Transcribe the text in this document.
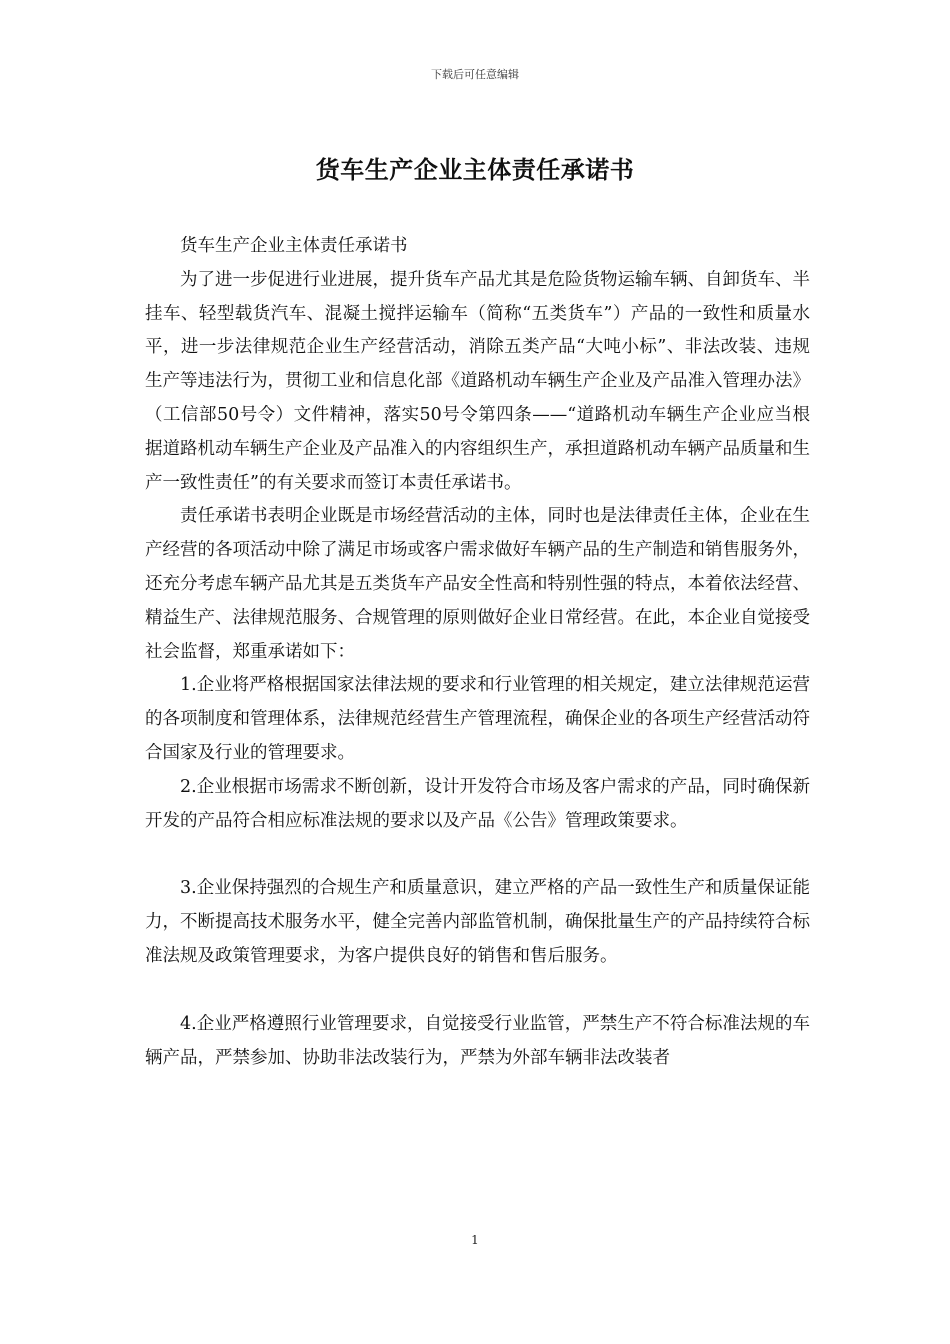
下载后可任意编辑
货车生产企业主体责任承诺书

货车生产企业主体责任承诺书

为了进一步促进行业进展，提升货车产品尤其是危险货物运输车辆、自卸货车、半挂车、轻型载货汽车、混凝土搅拌运输车（简称“五类货车”）产品的一致性和质量水平，进一步法律规范企业生产经营活动，消除五类产品“大吨小标”、非法改装、违规生产等违法行为，贯彻工业和信息化部《道路机动车辆生产企业及产品准入管理办法》（工信部50号令）文件精神，落实50号令第四条——“道路机动车辆生产企业应当根据道路机动车辆生产企业及产品准入的内容组织生产，承担道路机动车辆产品质量和生产一致性责任”的有关要求而签订本责任承诺书。

责任承诺书表明企业既是市场经营活动的主体，同时也是法律责任主体，企业在生产经营的各项活动中除了满足市场或客户需求做好车辆产品的生产制造和销售服务外，还充分考虑车辆产品尤其是五类货车产品安全性高和特别性强的特点，本着依法经营、精益生产、法律规范服务、合规管理的原则做好企业日常经营。在此，本企业自觉接受社会监督，郑重承诺如下：

1.企业将严格根据国家法律法规的要求和行业管理的相关规定，建立法律规范运营的各项制度和管理体系，法律规范经营生产管理流程，确保企业的各项生产经营活动符合国家及行业的管理要求。

2.企业根据市场需求不断创新，设计开发符合市场及客户需求的产品，同时确保新开发的产品符合相应标准法规的要求以及产品《公告》管理政策要求。

3.企业保持强烈的合规生产和质量意识，建立严格的产品一致性生产和质量保证能力，不断提高技术服务水平，健全完善内部监管机制，确保批量生产的产品持续符合标准法规及政策管理要求，为客户提供良好的销售和售后服务。

4.企业严格遵照行业管理要求，自觉接受行业监管，严禁生产不符合标准法规的车辆产品，严禁参加、协助非法改装行为，严禁为外部车辆非法改装者

1
